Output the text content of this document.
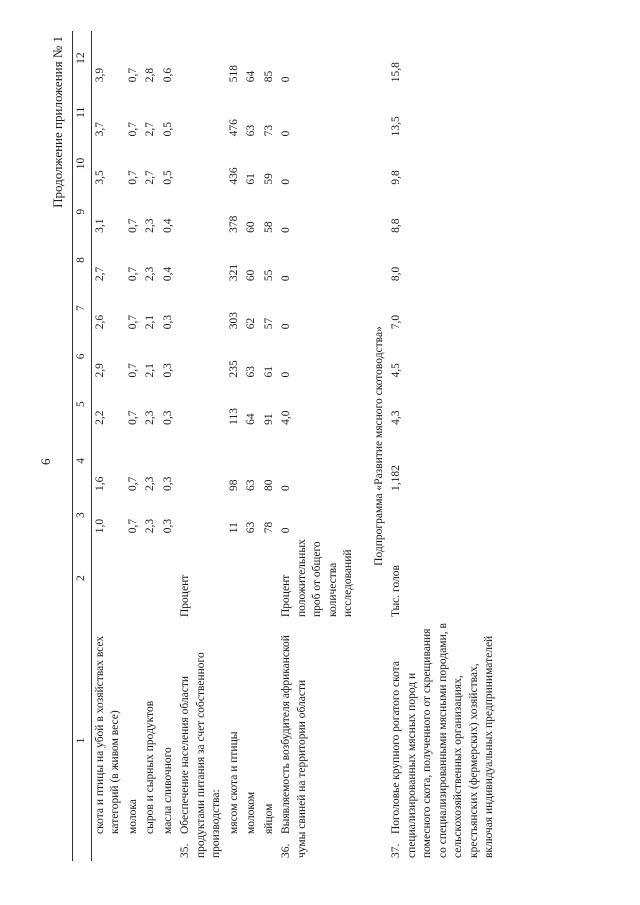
6
Продолжение приложения № 1
1	2	3	4	5	6	7	8	9	10	11	12
скота и птицы на убой в хозяйствах всех категорий (в живом весе)		1,0	1,6	2,2	2,9	2,6	2,7	3,1	3,5	3,7	3,9
молока		0,7	0,7	0,7	0,7	0,7	0,7	0,7	0,7	0,7	0,7
сыров и сырных продуктов		2,3	2,3	2,3	2,1	2,1	2,3	2,3	2,7	2,7	2,8
масла сливочного		0,3	0,3	0,3	0,3	0,3	0,4	0,4	0,5	0,5	0,6
35.Обеспечение населения области продуктами питания за счет собственного производства:	Процент										
мясом скота и птицы		11	98	113	235	303	321	378	436	476	518
молоком		63	63	64	63	62	60	60	61	63	64
яйцом		78	80	91	61	57	55	58	59	73	85
36.Выявляемость возбудителя африканской чумы свиней на территории области	Процент положительных проб от общего количества исследований	0	0	4,0	0	0	0	0	0	0	0
Подпрограмма «Развитие мясного скотоводства»											
37.Поголовье крупного рогатого скота специализированных мясных пород и помесного скота, полученного от скрещивания со специализированными мясными породами, в сельскохозяйственных организациях, крестьянских (фермерских) хозяйствах, включая индивидуальных предпринимателей	Тыс. голов		1,182	4,3	4,5	7,0	8,0	8,8	9,8	13,5	15,8
